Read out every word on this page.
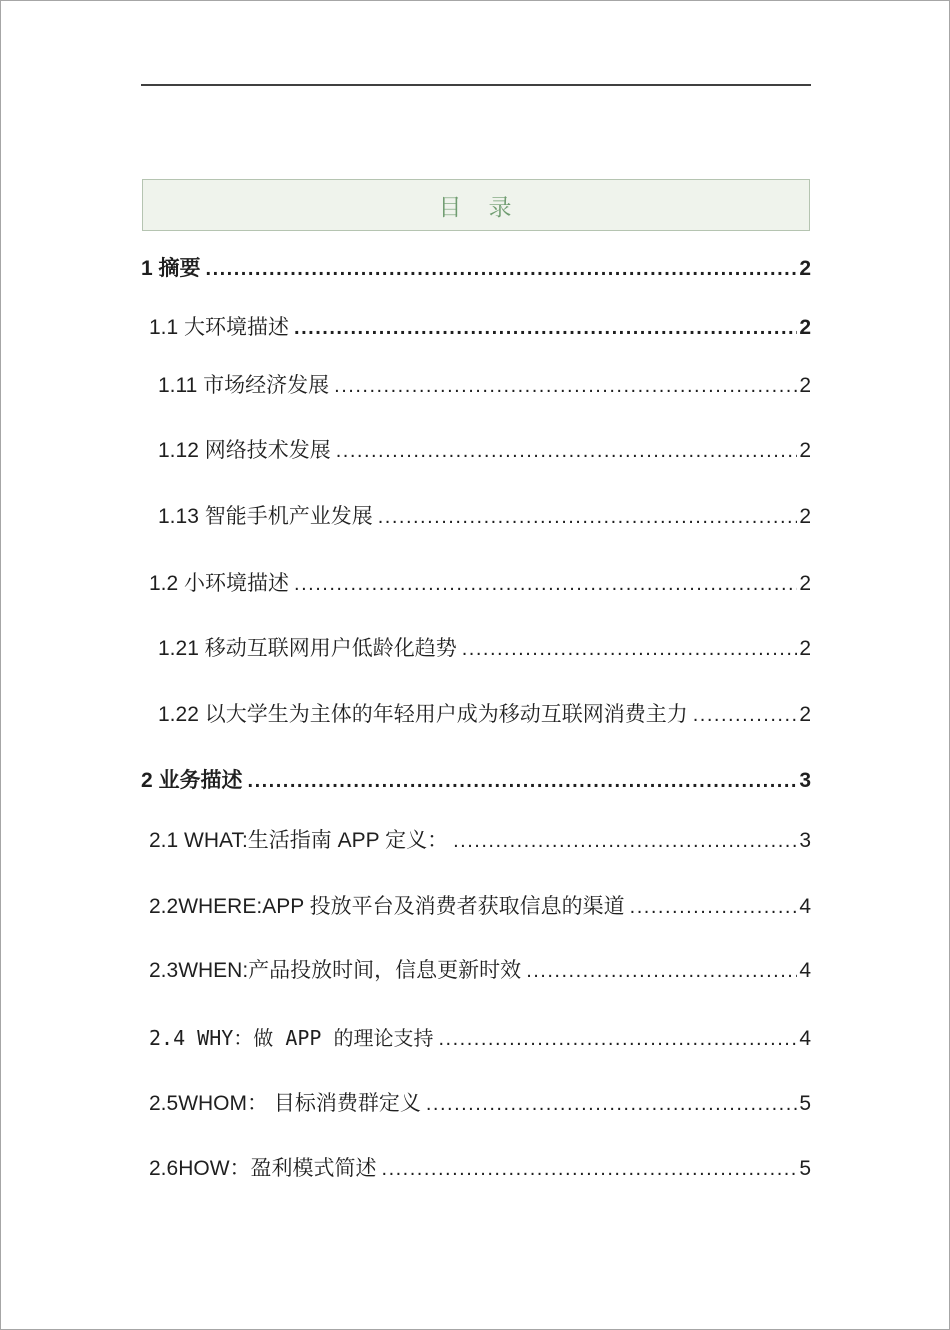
目　录
1 摘要 .....	2
1.1 大环境描述 .....	2
1.11 市场经济发展 .....	2
1.12 网络技术发展 .....	2
1.13 智能手机产业发展 .....	2
1.2 小环境描述 .....	2
1.21 移动互联网用户低龄化趋势 .....	2
1.22 以大学生为主体的年轻用户成为移动互联网消费主力 .....	2
2 业务描述 .....	3
2.1 WHAT:生活指南 APP 定义： .....	3
2.2WHERE:APP 投放平台及消费者获取信息的渠道 .....	4
2.3WHEN:产品投放时间，信息更新时效 .....	4
2.4 WHY：做 APP 的理论支持 .....	4
2.5WHOM： 目标消费群定义 .....	5
2.6HOW：盈利模式简述 .....	5
